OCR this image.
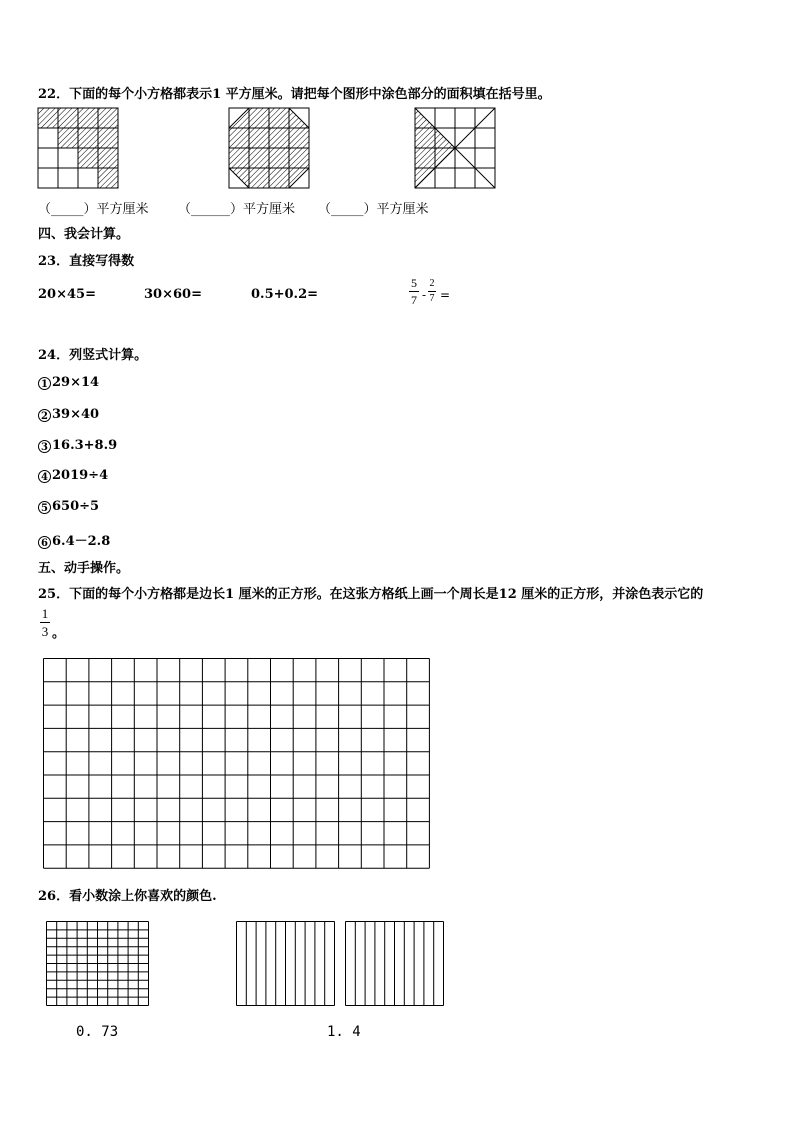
22．下面的每个小方格都表示1 平方厘米。请把每个图形中涂色部分的面积填在括号里。
（_____）平方厘米 （______）平方厘米 （_____）平方厘米
四、我会计算。
23．直接写得数
20×45=	30×60=	0.5+0.2=
5
7 -
2
7 =
24．列竖式计算。
1 29×14
2 39×40
3 16.3+8.9
4 2019÷4
5 650÷5
6 6.4－2.8
五、动手操作。
25．下面的每个小方格都是边长1 厘米的正方形。在这张方格纸上画一个周长是12 厘米的正方形，并涂色表示它的
1
3 。
26．看小数涂上你喜欢的颜色.
0. 73	1. 4
